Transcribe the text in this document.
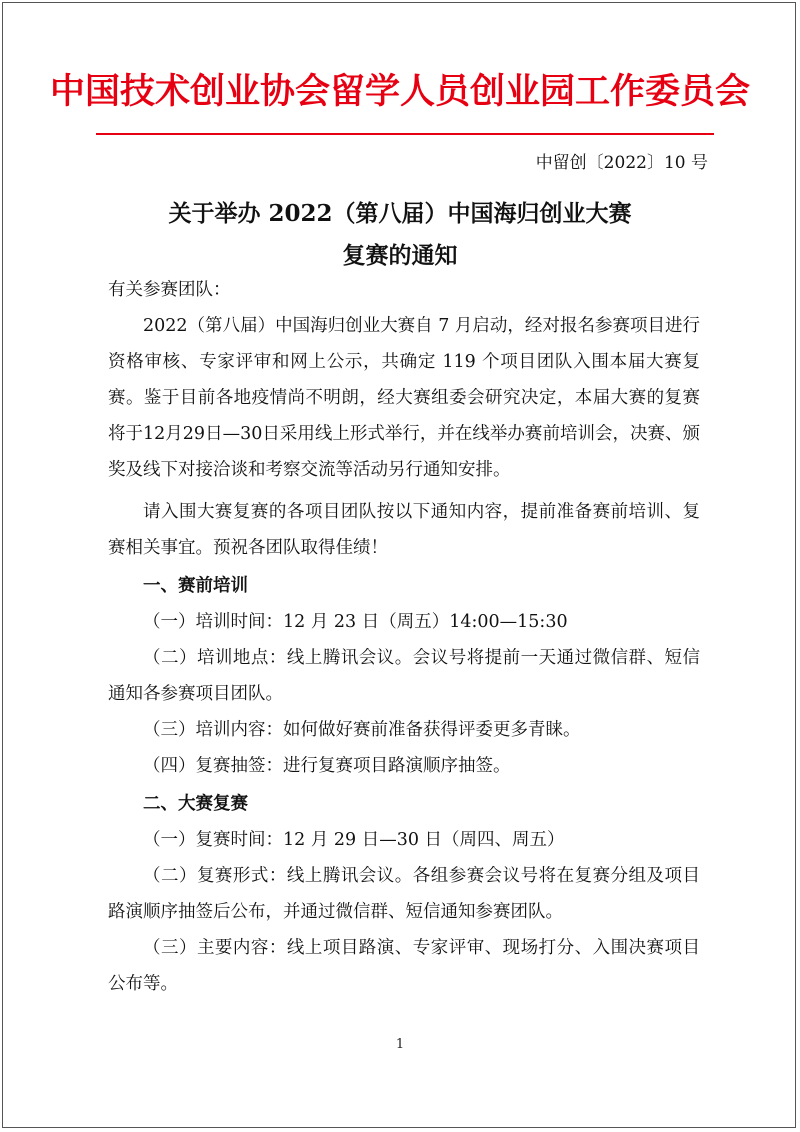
中国技术创业协会留学人员创业园工作委员会
中留创〔2022〕10 号
关于举办 2022（第八届）中国海归创业大赛
复赛的通知

有关参赛团队：

2022（第八届）中国海归创业大赛自 7 月启动，经对报名参赛项目进行资格审核、专家评审和网上公示，共确定 119 个项目团队入围本届大赛复赛。鉴于目前各地疫情尚不明朗，经大赛组委会研究决定，本届大赛的复赛将于12月29日—30日采用线上形式举行，并在线举办赛前培训会，决赛、颁奖及线下对接洽谈和考察交流等活动另行通知安排。

请入围大赛复赛的各项目团队按以下通知内容，提前准备赛前培训、复赛相关事宜。预祝各团队取得佳绩！

一、赛前培训

（一）培训时间：12 月 23 日（周五）14:00—15:30

（二）培训地点：线上腾讯会议。会议号将提前一天通过微信群、短信通知各参赛项目团队。

（三）培训内容：如何做好赛前准备获得评委更多青睐。

（四）复赛抽签：进行复赛项目路演顺序抽签。

二、大赛复赛

（一）复赛时间：12 月 29 日—30 日（周四、周五）

（二）复赛形式：线上腾讯会议。各组参赛会议号将在复赛分组及项目路演顺序抽签后公布，并通过微信群、短信通知参赛团队。

（三）主要内容：线上项目路演、专家评审、现场打分、入围决赛项目公布等。

1
